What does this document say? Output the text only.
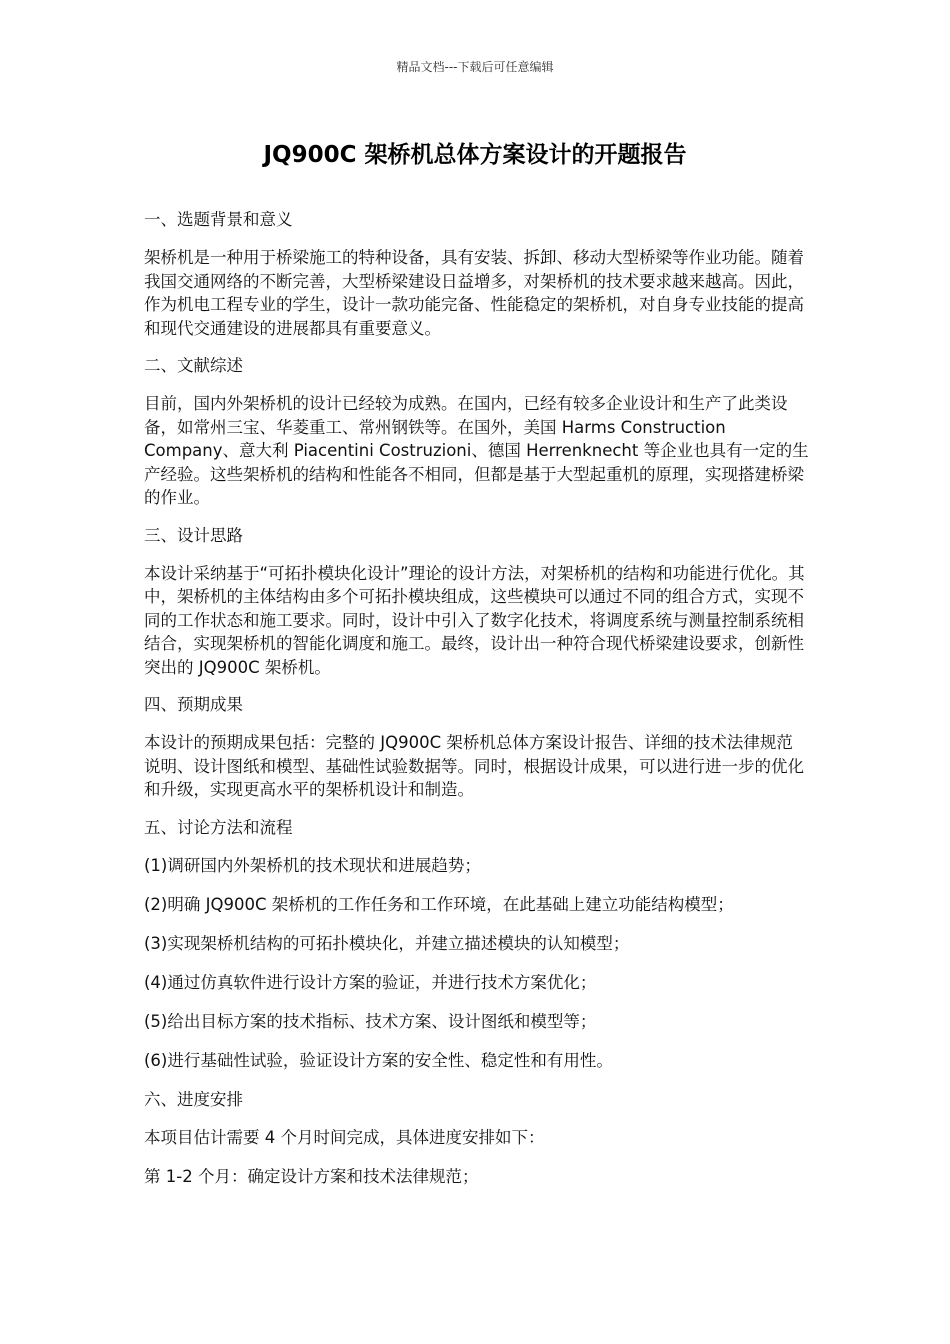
精品文档---下载后可任意编辑
JQ900C 架桥机总体方案设计的开题报告

一、选题背景和意义

架桥机是一种用于桥梁施工的特种设备，具有安装、拆卸、移动大型桥梁等作业功能。随着我国交通网络的不断完善，大型桥梁建设日益增多，对架桥机的技术要求越来越高。因此，作为机电工程专业的学生，设计一款功能完备、性能稳定的架桥机，对自身专业技能的提高和现代交通建设的进展都具有重要意义。

二、文献综述

目前，国内外架桥机的设计已经较为成熟。在国内，已经有较多企业设计和生产了此类设备，如常州三宝、华菱重工、常州钢铁等。在国外，美国 Harms Construction Company、意大利 Piacentini Costruzioni、德国 Herrenknecht 等企业也具有一定的生产经验。这些架桥机的结构和性能各不相同，但都是基于大型起重机的原理，实现搭建桥梁的作业。

三、设计思路

本设计采纳基于“可拓扑模块化设计”理论的设计方法，对架桥机的结构和功能进行优化。其中，架桥机的主体结构由多个可拓扑模块组成，这些模块可以通过不同的组合方式，实现不同的工作状态和施工要求。同时，设计中引入了数字化技术，将调度系统与测量控制系统相结合，实现架桥机的智能化调度和施工。最终，设计出一种符合现代桥梁建设要求，创新性突出的 JQ900C 架桥机。

四、预期成果

本设计的预期成果包括：完整的 JQ900C 架桥机总体方案设计报告、详细的技术法律规范说明、设计图纸和模型、基础性试验数据等。同时，根据设计成果，可以进行进一步的优化和升级，实现更高水平的架桥机设计和制造。

五、讨论方法和流程

(1)调研国内外架桥机的技术现状和进展趋势；

(2)明确 JQ900C 架桥机的工作任务和工作环境，在此基础上建立功能结构模型；

(3)实现架桥机结构的可拓扑模块化，并建立描述模块的认知模型；

(4)通过仿真软件进行设计方案的验证，并进行技术方案优化；

(5)给出目标方案的技术指标、技术方案、设计图纸和模型等；

(6)进行基础性试验，验证设计方案的安全性、稳定性和有用性。

六、进度安排

本项目估计需要 4 个月时间完成，具体进度安排如下：

第 1-2 个月：确定设计方案和技术法律规范；
